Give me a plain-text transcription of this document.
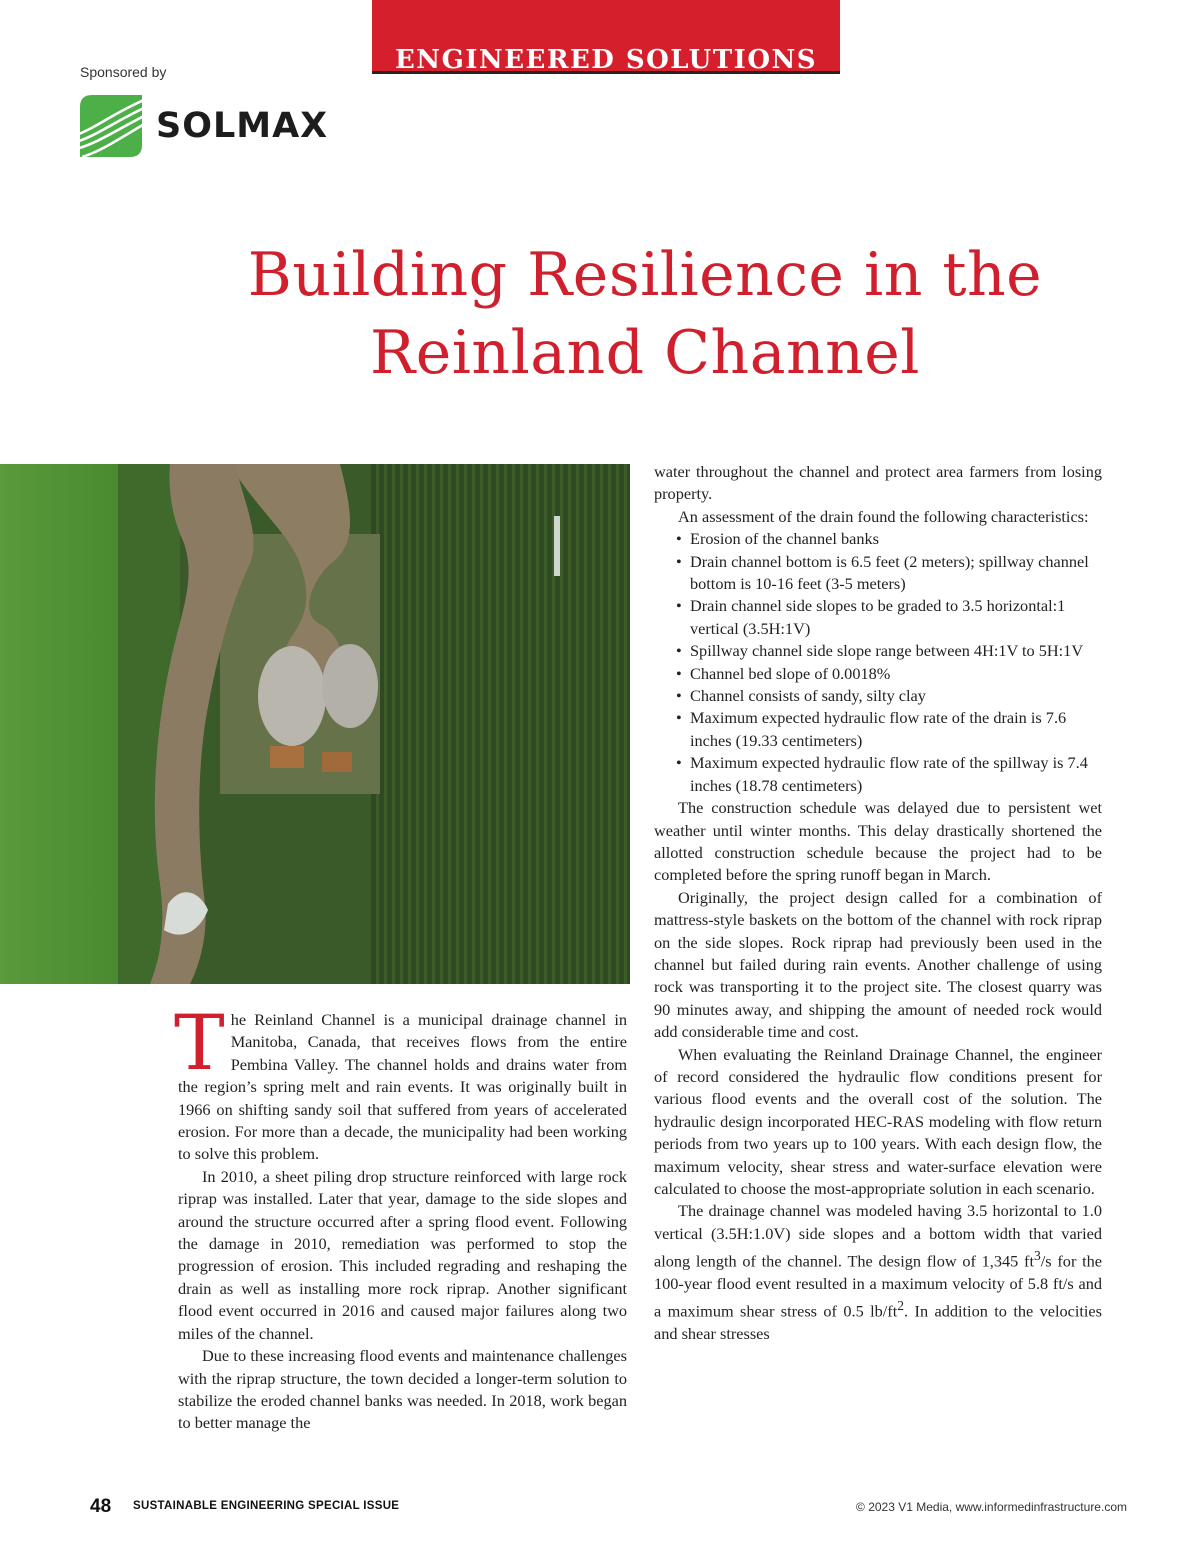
ENGINEERED SOLUTIONS
Sponsored by
SOLMAX
Building Resilience in the
Reinland Channel

The Reinland Channel is a municipal drainage channel in Manitoba, Canada, that receives flows from the entire Pembina Valley. The channel holds and drains water from the region’s spring melt and rain events. It was originally built in 1966 on shifting sandy soil that suffered from years of accelerated erosion. For more than a decade, the municipality had been working to solve this problem.

In 2010, a sheet piling drop structure reinforced with large rock riprap was installed. Later that year, damage to the side slopes and around the structure occurred after a spring flood event. Following the damage in 2010, remediation was performed to stop the progression of erosion. This included regrading and reshaping the drain as well as installing more rock riprap. Another significant flood event occurred in 2016 and caused major failures along two miles of the channel.

Due to these increasing flood events and maintenance challenges with the riprap structure, the town decided a longer-term solution to stabilize the eroded channel banks was needed. In 2018, work began to better manage the

water throughout the channel and protect area farmers from losing property.

An assessment of the drain found the following characteristics:

• Erosion of the channel banks
• Drain channel bottom is 6.5 feet (2 meters); spillway channel bottom is 10-16 feet (3-5 meters)
• Drain channel side slopes to be graded to 3.5 horizontal:1 vertical (3.5H:1V)
• Spillway channel side slope range between 4H:1V to 5H:1V
• Channel bed slope of 0.0018%
• Channel consists of sandy, silty clay
• Maximum expected hydraulic flow rate of the drain is 7.6 inches (19.33 centimeters)
• Maximum expected hydraulic flow rate of the spillway is 7.4 inches (18.78 centimeters)

The construction schedule was delayed due to persistent wet weather until winter months. This delay drastically shortened the allotted construction schedule because the project had to be completed before the spring runoff began in March.

Originally, the project design called for a combination of mattress-style baskets on the bottom of the channel with rock riprap on the side slopes. Rock riprap had previously been used in the channel but failed during rain events. Another challenge of using rock was transporting it to the project site. The closest quarry was 90 minutes away, and shipping the amount of needed rock would add considerable time and cost.

When evaluating the Reinland Drainage Channel, the engineer of record considered the hydraulic flow conditions present for various flood events and the overall cost of the solution. The hydraulic design incorporated HEC-RAS modeling with flow return periods from two years up to 100 years. With each design flow, the maximum velocity, shear stress and water-surface elevation were calculated to choose the most-appropriate solution in each scenario.

The drainage channel was modeled having 3.5 horizontal to 1.0 vertical (3.5H:1.0V) side slopes and a bottom width that varied along length of the channel. The design flow of 1,345 $ft^3/s$ for the 100-year flood event resulted in a maximum velocity of 5.8 ft/s and a maximum shear stress of 0.5 $lb/ft^2$. In addition to the velocities and shear stresses

48 SUSTAINABLE ENGINEERING SPECIAL ISSUE	© 2023 V1 Media, www.informedinfrastructure.com
